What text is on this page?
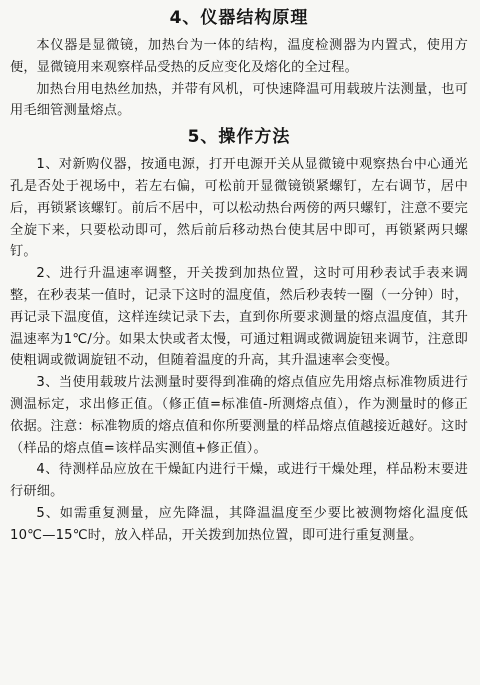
4、仪器结构原理

本仪器是显微镜，加热台为一体的结构，温度检测器为内置式，使用方便，显微镜用来观察样品受热的反应变化及熔化的全过程。

加热台用电热丝加热，并带有风机，可快速降温可用载玻片法测量，也可用毛细管测量熔点。

5、操作方法

1、对新购仪器，按通电源，打开电源开关从显微镜中观察热台中心通光孔是否处于视场中，若左右偏，可松前开显微镜锁紧螺钉，左右调节，居中后，再锁紧该螺钉。前后不居中，可以松动热台两傍的两只螺钉，注意不要完全旋下来，只要松动即可，然后前后移动热台使其居中即可，再锁紧两只螺钉。

2、进行升温速率调整，开关拨到加热位置，这时可用秒表试手表来调整，在秒表某一值时，记录下这时的温度值，然后秒表转一圈（一分钟）时，再记录下温度值，这样连续记录下去，直到你所要求测量的熔点温度值，其升温速率为1℃/分。如果太快或者太慢，可通过粗调或微调旋钮来调节，注意即使粗调或微调旋钮不动，但随着温度的升高，其升温速率会变慢。

3、当使用载玻片法测量时要得到准确的熔点值应先用熔点标准物质进行测温标定，求出修正值。（修正值=标准值-所测熔点值），作为测量时的修正依据。注意：标准物质的熔点值和你所要测量的样品熔点值越接近越好。这时（样品的熔点值=该样品实测值+修正值）。

4、待测样品应放在干燥缸内进行干燥，或进行干燥处理，样品粉末要进行研细。

5、如需重复测量，应先降温，其降温温度至少要比被测物熔化温度低10℃—15℃时，放入样品，开关拨到加热位置，即可进行重复测量。
